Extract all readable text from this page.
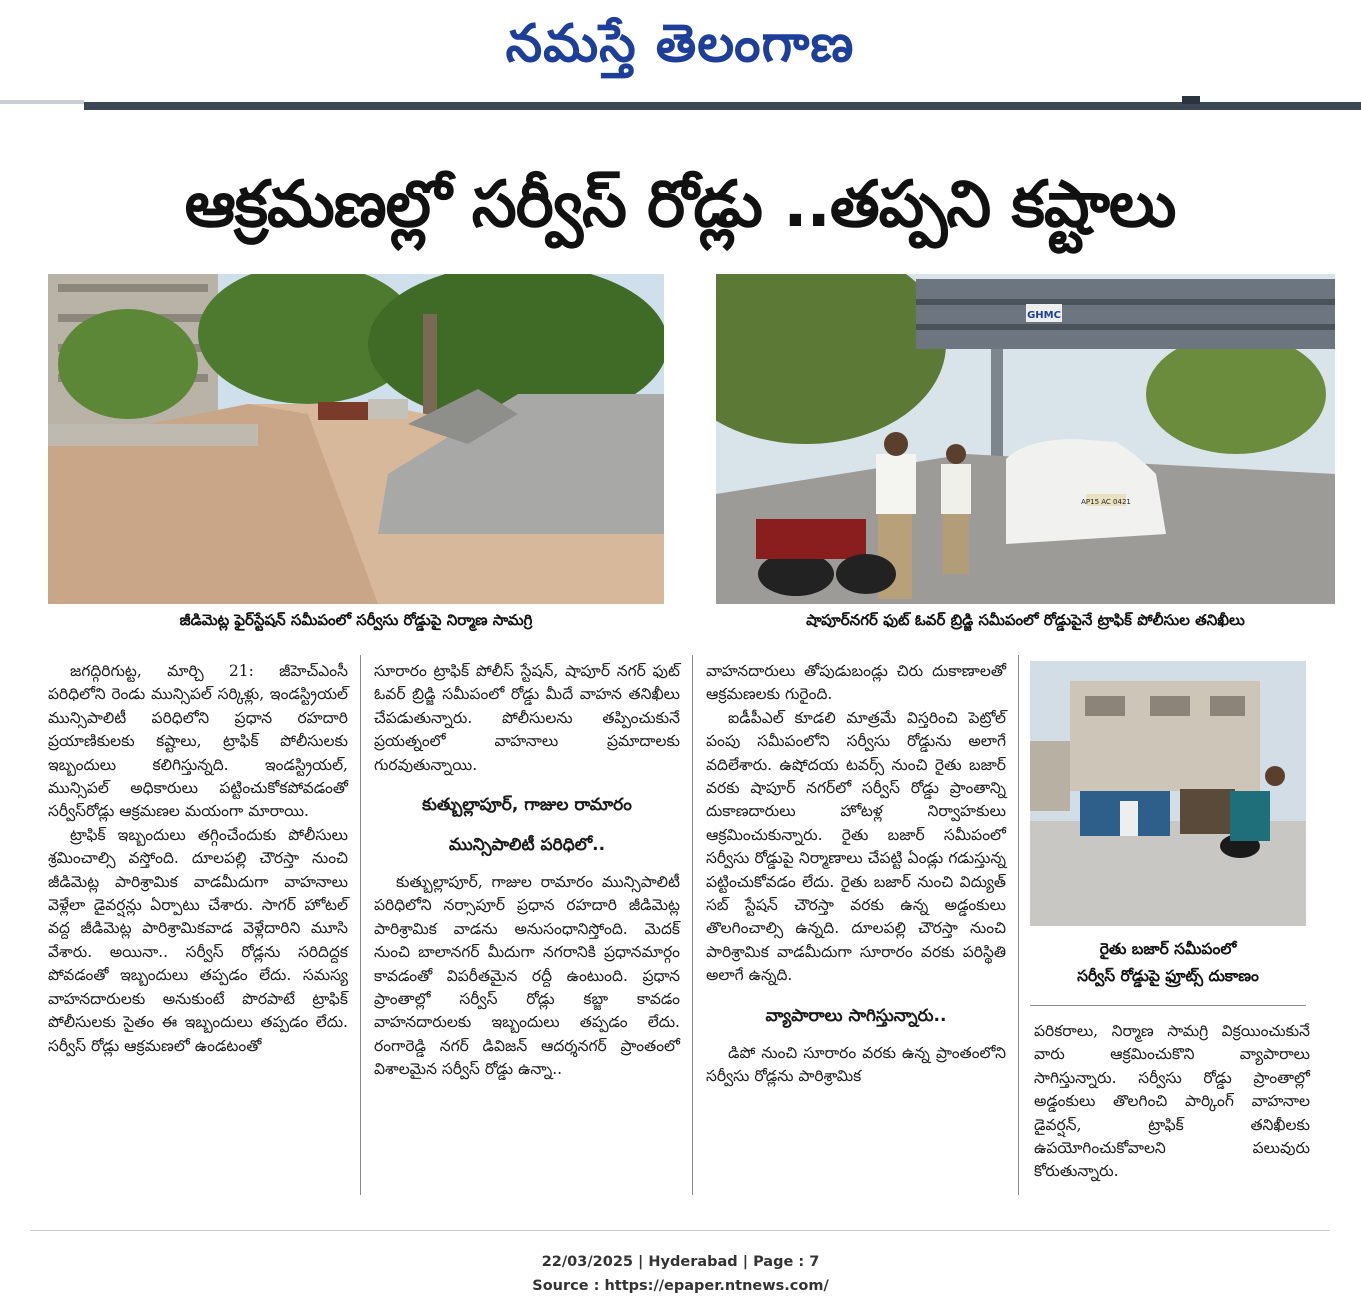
నమస్తే తెలంగాణ
ఆక్రమణల్లో సర్వీస్ రోడ్లు ..తప్పని కష్టాలు
జీడిమెట్ల ఫైర్‌స్టేషన్ సమీపంలో సర్వీసు రోడ్డుపై నిర్మాణ సామగ్రి
GHMC
AP15 AC 0421
షాపూర్‌నగర్ ఫుట్ ఓవర్ బ్రిడ్జి సమీపంలో రోడ్డుపైనే ట్రాఫిక్ పోలీసుల తనిఖీలు
రైతు బజార్ సమీపంలో
సర్వీస్ రోడ్డుపై ఫ్రూట్స్ దుకాణం

జగద్గిరిగుట్ట, మార్చి 21: జీహెచ్‌ఎంసీ పరిధిలోని రెండు మున్సిపల్ సర్కిళ్లు, ఇండస్ట్రియల్ మున్సిపాలిటీ పరిధిలోని ప్రధాన రహదారి ప్రయాణికులకు కష్టాలు, ట్రాఫిక్ పోలీసులకు ఇబ్బందులు కలిగిస్తున్నది. ఇండస్ట్రియల్, మున్సిపల్ అధికారులు పట్టించుకోకపోవడంతో సర్వీస్‌రోడ్లు ఆక్రమణల మయంగా మారాయి.

ట్రాఫిక్ ఇబ్బందులు తగ్గించేందుకు పోలీసులు శ్రమించాల్సి వస్తోంది. దూలపల్లి చౌరస్తా నుంచి జీడిమెట్ల పారిశ్రామిక వాడమీదుగా వాహనాలు వెళ్లేలా డైవర్షన్లు ఏర్పాటు చేశారు. సాగర్ హోటల్ వద్ద జీడిమెట్ల పారిశ్రామికవాడ వెళ్లేదారిని మూసి వేశారు. అయినా.. సర్వీస్ రోడ్లను సరిదిద్దక పోవడంతో ఇబ్బందులు తప్పడం లేదు. సమస్య వాహనదారులకు అనుకుంటే పొరపాటే ట్రాఫిక్ పోలీసులకు సైతం ఈ ఇబ్బందులు తప్పడం లేదు. సర్వీస్ రోడ్లు ఆక్రమణలో ఉండటంతో

సూరారం ట్రాఫిక్ పోలీస్ స్టేషన్, షాపూర్ నగర్ ఫుట్ ఓవర్ బ్రిడ్జి సమీపంలో రోడ్డు మీదే వాహన తనిఖీలు చేపడుతున్నారు. పోలీసులను తప్పించుకునే ప్రయత్నంలో వాహనాలు ప్రమాదాలకు గురవుతున్నాయి.

కుత్బుల్లాపూర్, గాజుల రామారం
మున్సిపాలిటీ పరిధిలో..

కుత్బుల్లాపూర్, గాజుల రామారం మున్సిపాలిటీ పరిధిలోని నర్సాపూర్ ప్రధాన రహదారి జీడిమెట్ల పారిశ్రామిక వాడను అనుసంధానిస్తోంది. మెదక్ నుంచి బాలానగర్ మీదుగా నగరానికి ప్రధానమార్గం కావడంతో విపరీతమైన రద్దీ ఉంటుంది. ప్రధాన ప్రాంతాల్లో సర్వీస్ రోడ్లు కబ్జా కావడం వాహనదారులకు ఇబ్బందులు తప్పడం లేదు. రంగారెడ్డి నగర్ డివిజన్ ఆదర్శనగర్ ప్రాంతంలో విశాలమైన సర్వీస్ రోడ్డు ఉన్నా..

వాహనదారులు తోపుడుబండ్లు చిరు దుకాణాలతో ఆక్రమణలకు గురైంది.

ఐడీపీఎల్ కూడలి మాత్రమే విస్తరించి పెట్రోల్ పంపు సమీపంలోని సర్వీసు రోడ్డును అలాగే వదిలేశారు. ఉషోదయ టవర్స్ నుంచి రైతు బజార్ వరకు షాపూర్ నగర్‌లో సర్వీస్ రోడ్డు ప్రాంతాన్ని దుకాణదారులు హోటళ్ల నిర్వాహకులు ఆక్రమించుకున్నారు. రైతు బజార్ సమీపంలో సర్వీసు రోడ్డుపై నిర్మాణాలు చేపట్టి ఏండ్లు గడుస్తున్న పట్టించుకోవడం లేదు. రైతు బజార్ నుంచి విద్యుత్ సబ్ స్టేషన్ చౌరస్తా వరకు ఉన్న అడ్డంకులు తొలగించాల్సి ఉన్నది. దూలపల్లి చౌరస్తా నుంచి పారిశ్రామిక వాడమీదుగా సూరారం వరకు పరిస్థితి అలాగే ఉన్నది.

వ్యాపారాలు సాగిస్తున్నారు..

డిపో నుంచి సూరారం వరకు ఉన్న ప్రాంతంలోని సర్వీసు రోడ్లను పారిశ్రామిక

పరికరాలు, నిర్మాణ సామగ్రి విక్రయించుకునే వారు ఆక్రమించుకొని వ్యాపారాలు సాగిస్తున్నారు. సర్వీసు రోడ్డు ప్రాంతాల్లో అడ్డంకులు తొలగించి పార్కింగ్ వాహనాల డైవర్షన్, ట్రాఫిక్ తనిఖీలకు ఉపయోగించుకోవాలని పలువురు కోరుతున్నారు.

22/03/2025 | Hyderabad | Page : 7
Source : https://epaper.ntnews.com/
